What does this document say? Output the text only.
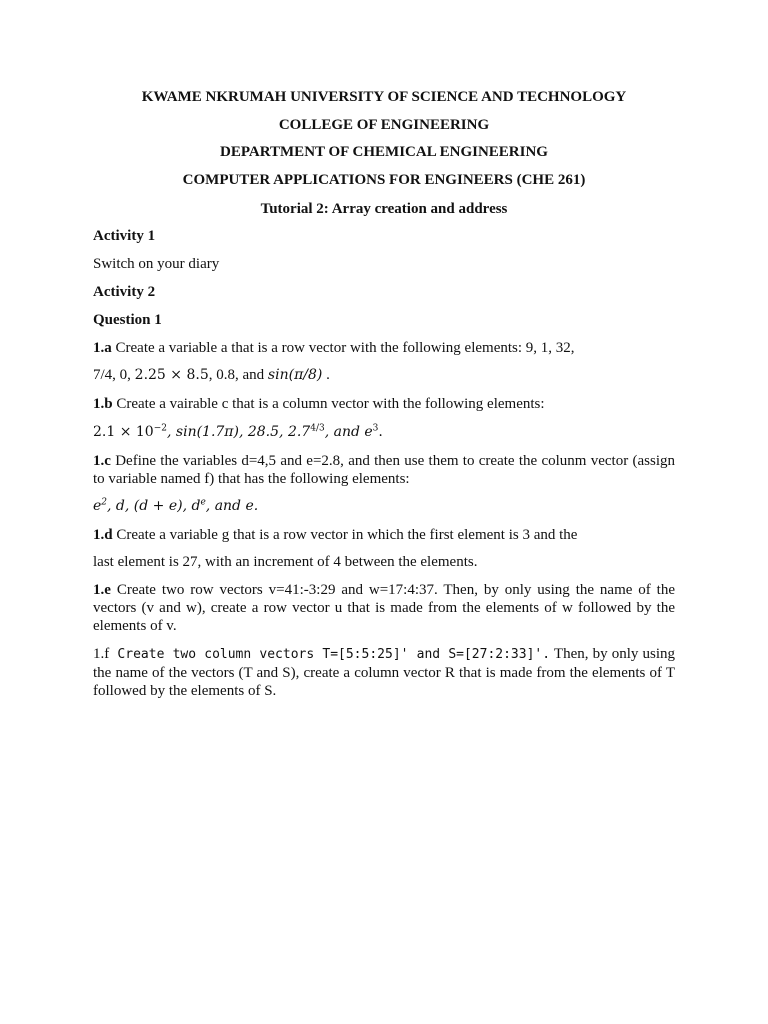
KWAME NKRUMAH UNIVERSITY OF SCIENCE AND TECHNOLOGY
COLLEGE OF ENGINEERING
DEPARTMENT OF CHEMICAL ENGINEERING
COMPUTER APPLICATIONS FOR ENGINEERS (CHE 261)
Tutorial 2: Array creation and address
Activity 1
Switch on your diary
Activity 2
Question 1
1.a Create a variable a that is a row vector with the following elements: 9, 1, 32,
7/4, 0, 2.25 × 8.5, 0.8, and sin(π/8) .
1.b Create a vairable c that is a column vector with the following elements:
$2.1 \times 10^{-2}$, sin(1.7π), 28.5, $2.7^{4/3}$, and $e^3$.
1.c Define the variables d=4,5 and e=2.8, and then use them to create the colunm vector (assign to variable named f) that has the following elements:
$e^2$, d, (d + e), $d^e$, and e.
1.d Create a variable g that is a row vector in which the first element is 3 and the
last element is 27, with an increment of 4 between the elements.
1.e Create two row vectors v=41:-3:29 and w=17:4:37. Then, by only using the name of the vectors (v and w), create a row vector u that is made from the elements of w followed by the elements of v.
1.f Create two column vectors T=[5:5:25]' and S=[27:2:33]'. Then, by only using the name of the vectors (T and S), create a column vector R that is made from the elements of T followed by the elements of S.
